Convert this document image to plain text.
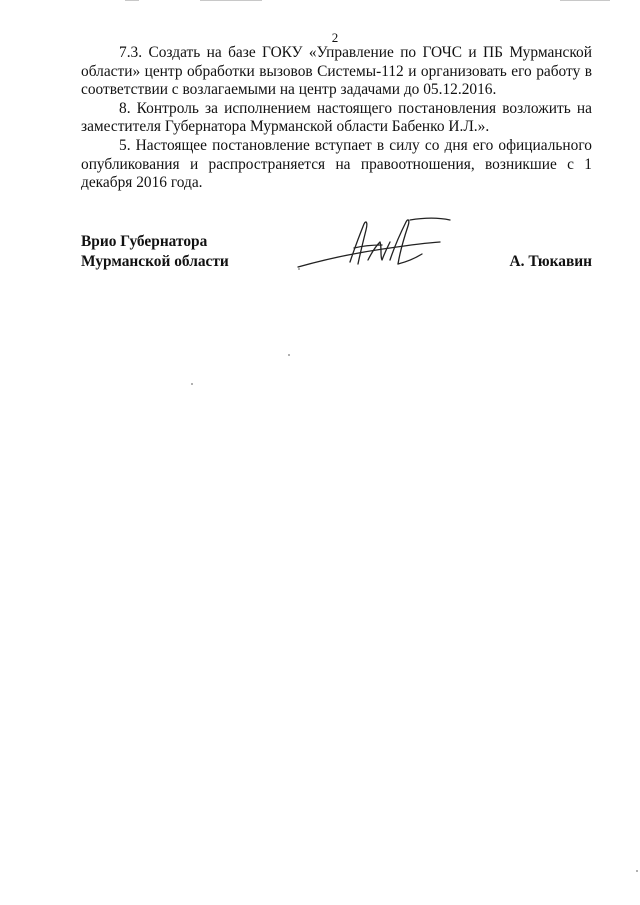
2

7.3. Создать на базе ГОКУ «Управление по ГОЧС и ПБ Мурманской области» центр обработки вызовов Системы-112 и организовать его работу в соответствии с возлагаемыми на центр задачами до 05.12.2016.

8. Контроль за исполнением настоящего постановления возложить на заместителя Губернатора Мурманской области Бабенко И.Л.».

5. Настоящее постановление вступает в силу со дня его официального опубликования и распространяется на правоотношения, возникшие с 1 декабря 2016 года.

Врио Губернатора
Мурманской области	А. Тюкавин
